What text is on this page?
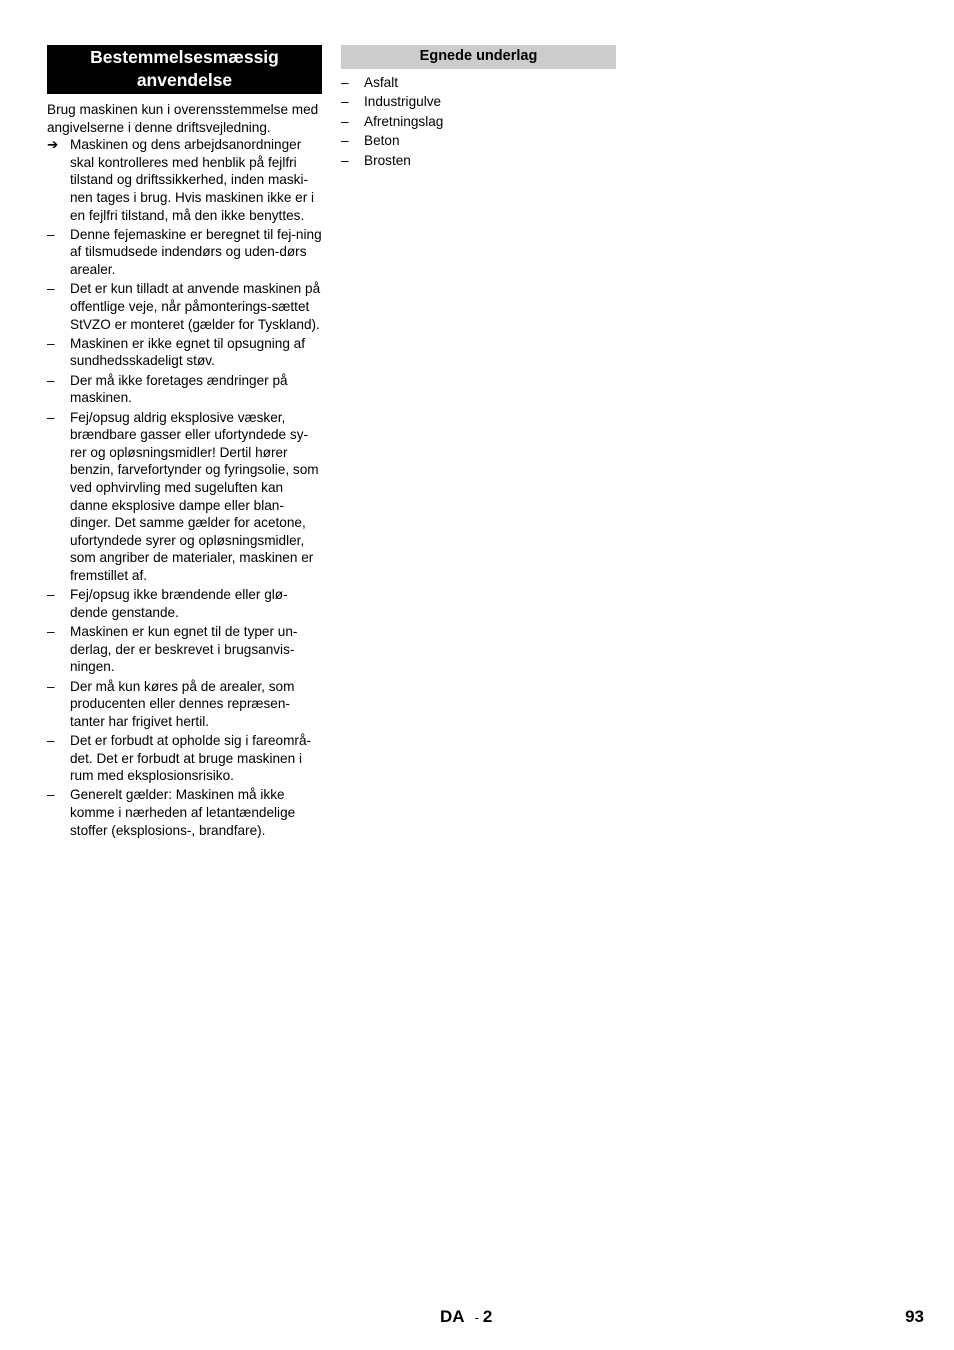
Bestemmelsesmæssig anvendelse
Brug maskinen kun i overensstemmelse med angivelserne i denne driftsvejledning.
➔ Maskinen og dens arbejdsanordninger skal kontrolleres med henblik på fejlfri tilstand og driftssikkerhed, inden maski-nen tages i brug. Hvis maskinen ikke er i en fejlfri tilstand, må den ikke benyttes.
–	Denne fejemaskine er beregnet til fej-ning af tilsmudsede indendørs og uden-dørs arealer.
–	Det er kun tilladt at anvende maskinen på offentlige veje, når påmonterings-sættet StVZO er monteret (gælder for Tyskland).
–	Maskinen er ikke egnet til opsugning af sundhedsskadeligt støv.
–	Der må ikke foretages ændringer på maskinen.
–	Fej/opsug aldrig eksplosive væsker, brændbare gasser eller ufortyndede sy-rer og opløsningsmidler! Dertil hører benzin, farvefortynder og fyringsolie, som ved ophvirvling med sugeluften kan danne eksplosive dampe eller blan-dinger. Det samme gælder for acetone, ufortyndede syrer og opløsningsmidler, som angriber de materialer, maskinen er fremstillet af.
–	Fej/opsug ikke brændende eller glø-dende genstande.
–	Maskinen er kun egnet til de typer un-derlag, der er beskrevet i brugsanvis-ningen.
–	Der må kun køres på de arealer, som producenten eller dennes repræsen-tanter har frigivet hertil.
–	Det er forbudt at opholde sig i fareområ-det. Det er forbudt at bruge maskinen i rum med eksplosionsrisiko.
–	Generelt gælder: Maskinen må ikke komme i nærheden af letantændelige stoffer (eksplosions-, brandfare).
Egnede underlag
–	Asfalt
–	Industrigulve
–	Afretningslag
–	Beton
–	Brosten
DA - 2	93
